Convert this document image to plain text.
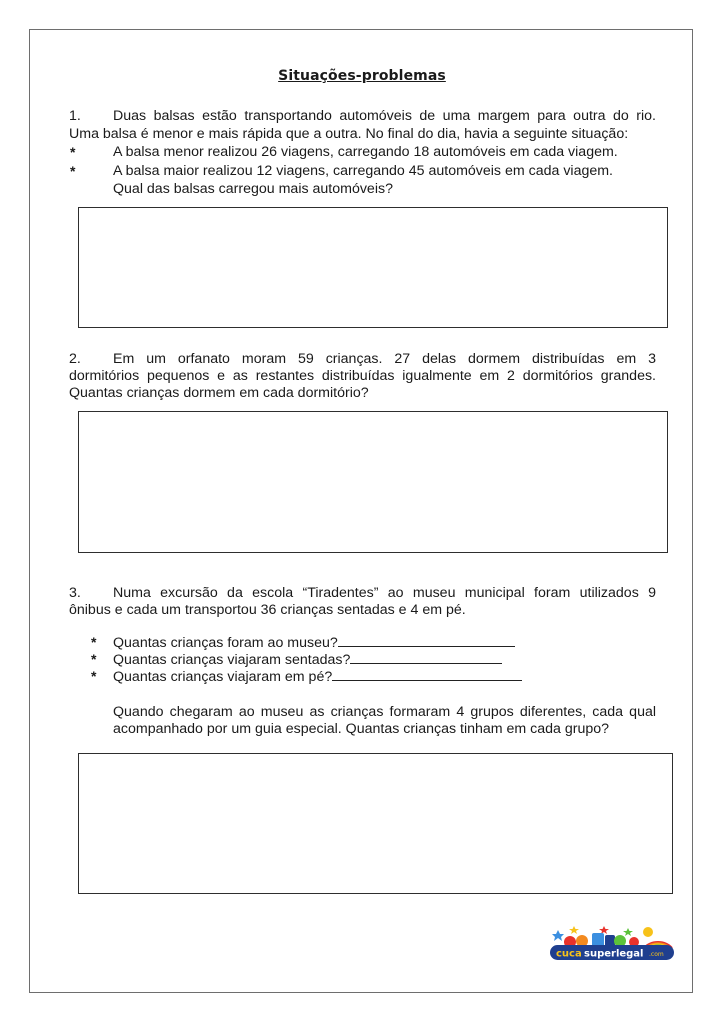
Situações-problemas
1. Duas balsas estão transportando automóveis de uma margem para outra do rio.
Uma balsa é menor e mais rápida que a outra. No final do dia, havia a seguinte situação:
*	A balsa menor realizou 26 viagens, carregando 18 automóveis em cada viagem.
*	A balsa maior realizou 12 viagens, carregando 45 automóveis em cada viagem.
Qual das balsas carregou mais automóveis?
2. Em um orfanato moram 59 crianças. 27 delas dormem distribuídas em 3
dormitórios pequenos e as restantes distribuídas igualmente em 2 dormitórios grandes.
Quantas crianças dormem em cada dormitório?
3. Numa excursão da escola “Tiradentes” ao museu municipal foram utilizados 9
ônibus e cada um transportou 36 crianças sentadas e 4 em pé.
* Quantas crianças foram ao museu?
* Quantas crianças viajaram sentadas?
* Quantas crianças viajaram em pé?
Quando chegaram ao museu as crianças formaram 4 grupos diferentes, cada qual
acompanhado por um guia especial. Quantas crianças tinham em cada grupo?
cuca superlegal .com
